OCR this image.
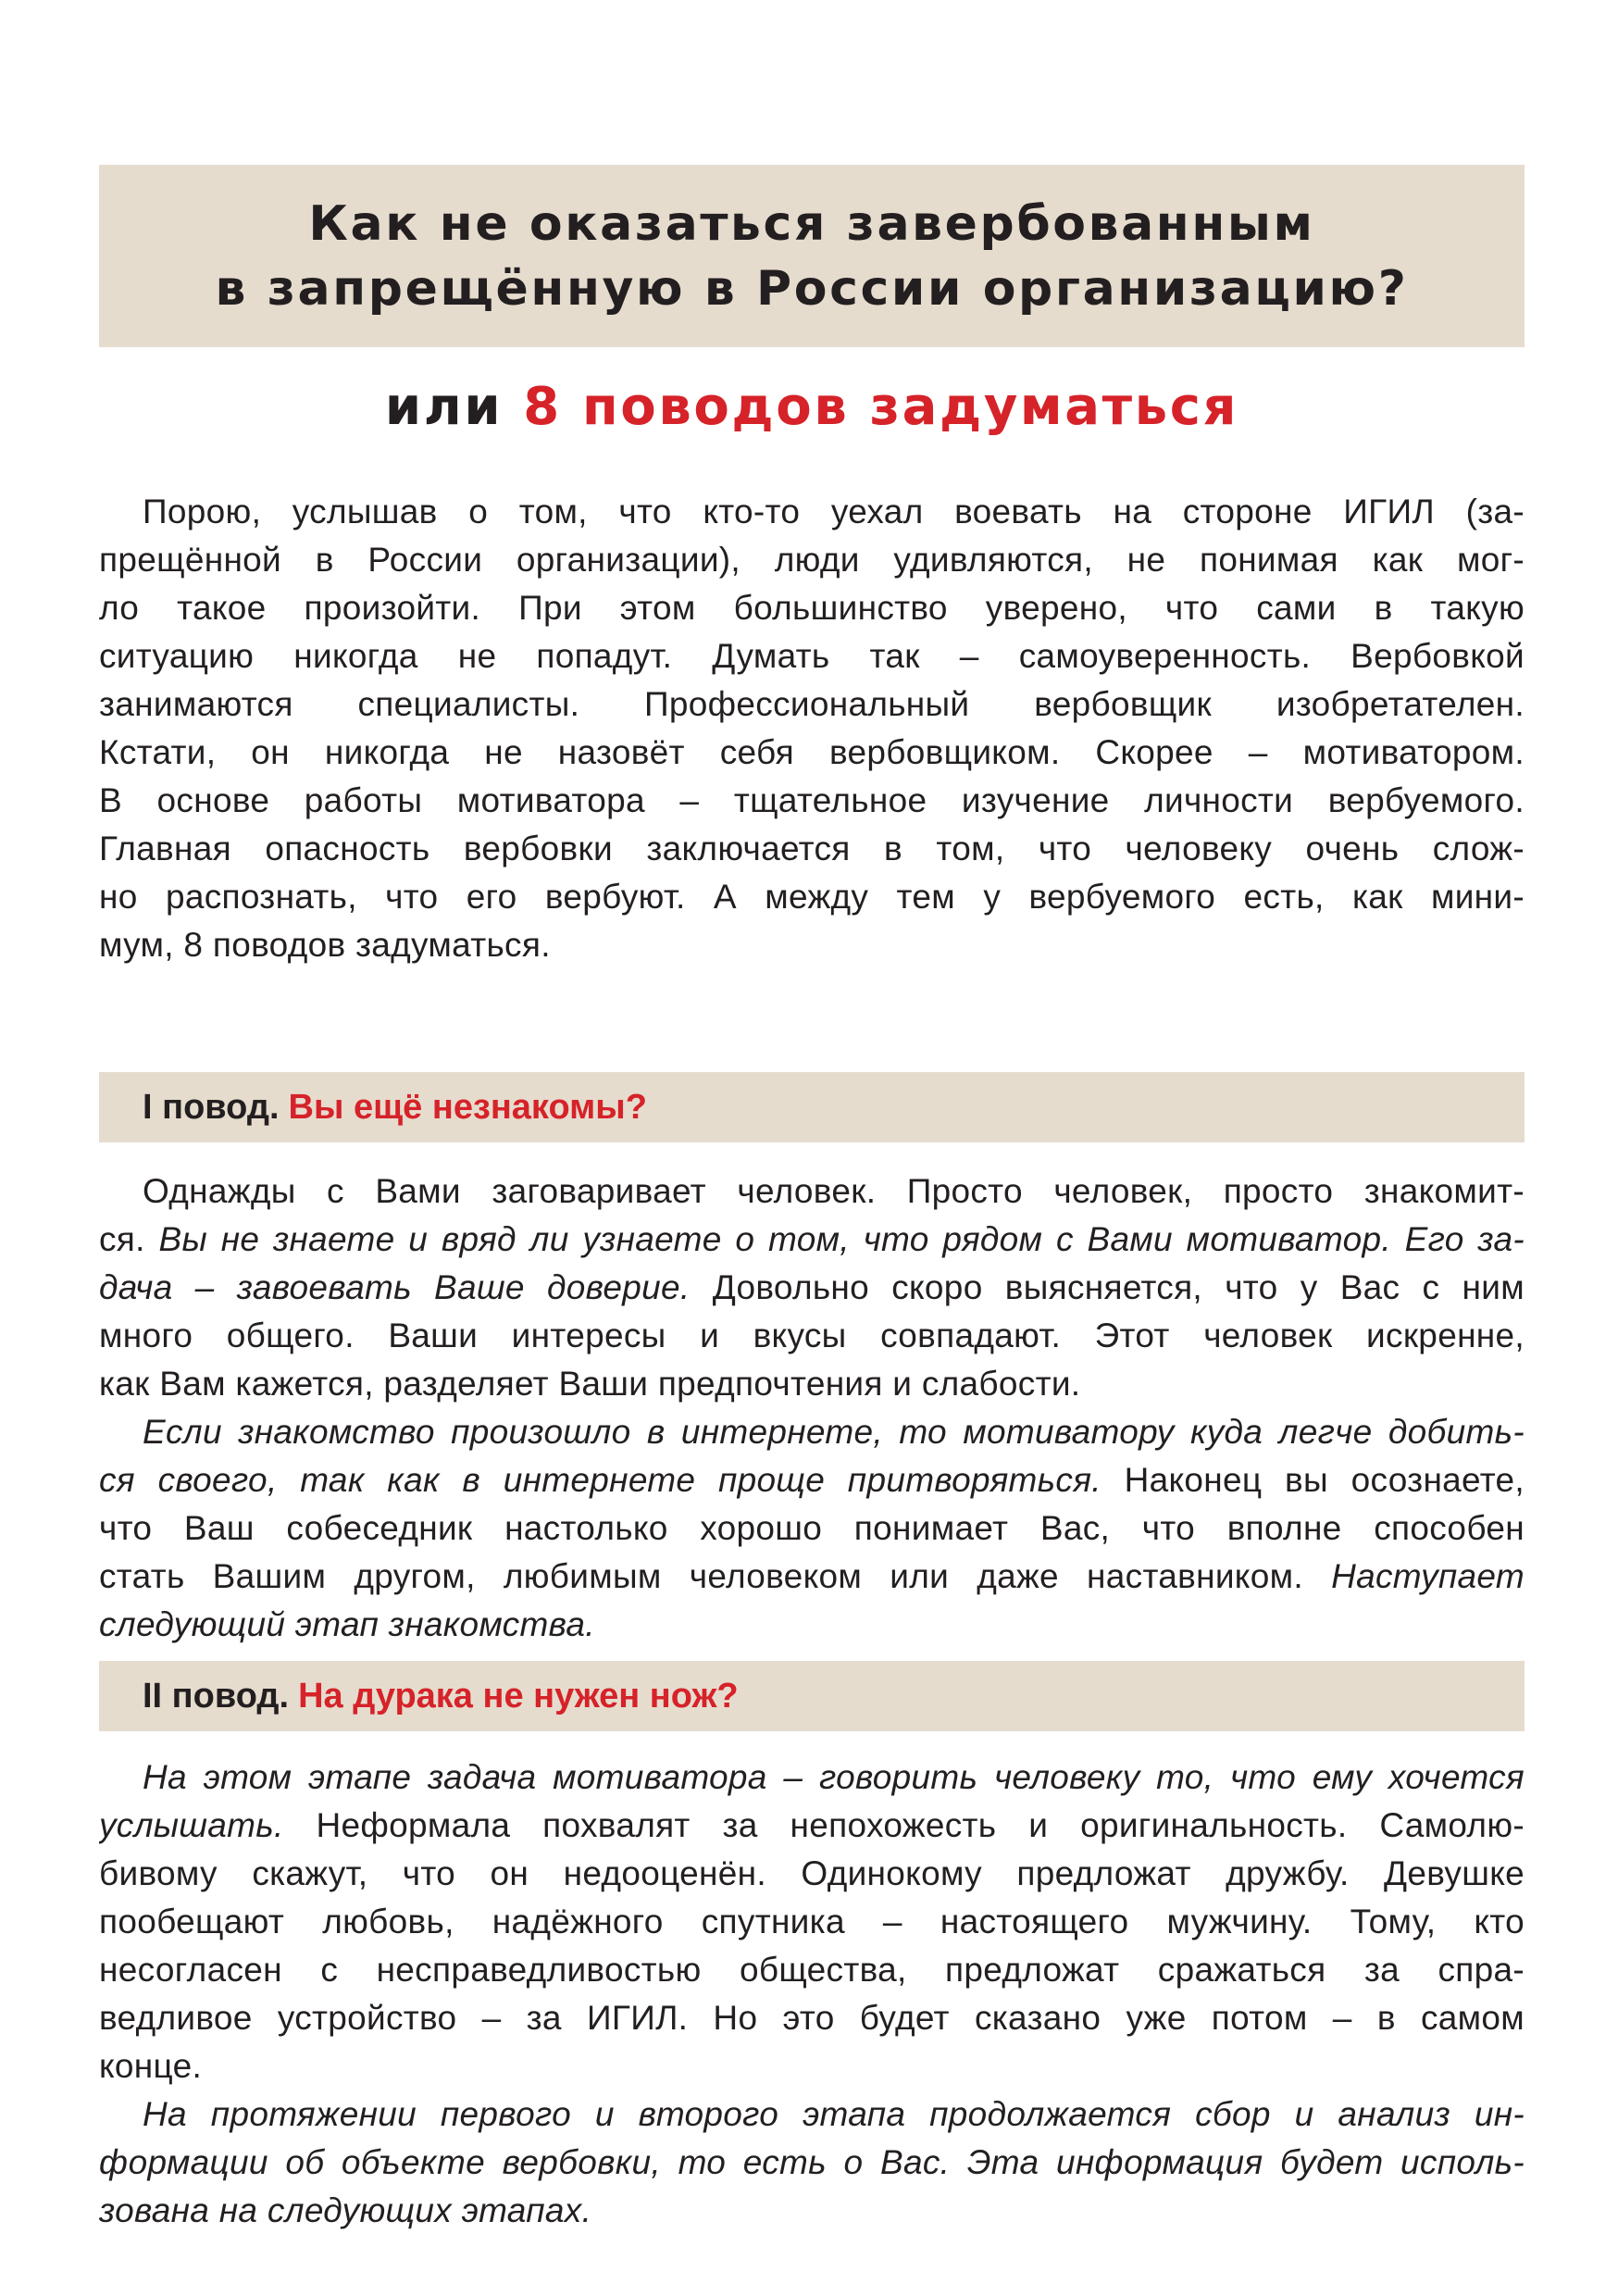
Как не оказаться завербованным
в запрещённую в России организацию?
или 8 поводов задуматься
Порою, услышав о том, что кто-то уехал воевать на стороне ИГИЛ (за-
прещённой в России организации), люди удивляются, не понимая как мог-
ло такое произойти. При этом большинство уверено, что сами в такую
ситуацию никогда не попадут. Думать так – самоуверенность. Вербовкой
занимаются специалисты. Профессиональный вербовщик изобретателен.
Кстати, он никогда не назовёт себя вербовщиком. Скорее – мотиватором.
В основе работы мотиватора – тщательное изучение личности вербуемого.
Главная опасность вербовки заключается в том, что человеку очень слож-
но распознать, что его вербуют. А между тем у вербуемого есть, как мини-
мум, 8 поводов задуматься.
I повод. Вы ещё незнакомы?
Однажды с Вами заговаривает человек. Просто человек, просто знакомит-
ся. Вы не знаете и вряд ли узнаете о том, что рядом с Вами мотиватор. Его за-
дача – завоевать Ваше доверие. Довольно скоро выясняется, что у Вас с ним
много общего. Ваши интересы и вкусы совпадают. Этот человек искренне,
как Вам кажется, разделяет Ваши предпочтения и слабости.
Если знакомство произошло в интернете, то мотиватору куда легче добить-
ся своего, так как в интернете проще притворяться. Наконец вы осознаете,
что Ваш собеседник настолько хорошо понимает Вас, что вполне способен
стать Вашим другом, любимым человеком или даже наставником. Наступает
следующий этап знакомства.
II повод. На дурака не нужен нож?
На этом этапе задача мотиватора – говорить человеку то, что ему хочется
услышать. Неформала похвалят за непохожесть и оригинальность. Самолю-
бивому скажут, что он недооценён. Одинокому предложат дружбу. Девушке
пообещают любовь, надёжного спутника – настоящего мужчину. Тому, кто
несогласен с несправедливостью общества, предложат сражаться за спра-
ведливое устройство – за ИГИЛ. Но это будет сказано уже потом – в самом
конце.
На протяжении первого и второго этапа продолжается сбор и анализ ин-
формации об объекте вербовки, то есть о Вас. Эта информация будет исполь-
зована на следующих этапах.
